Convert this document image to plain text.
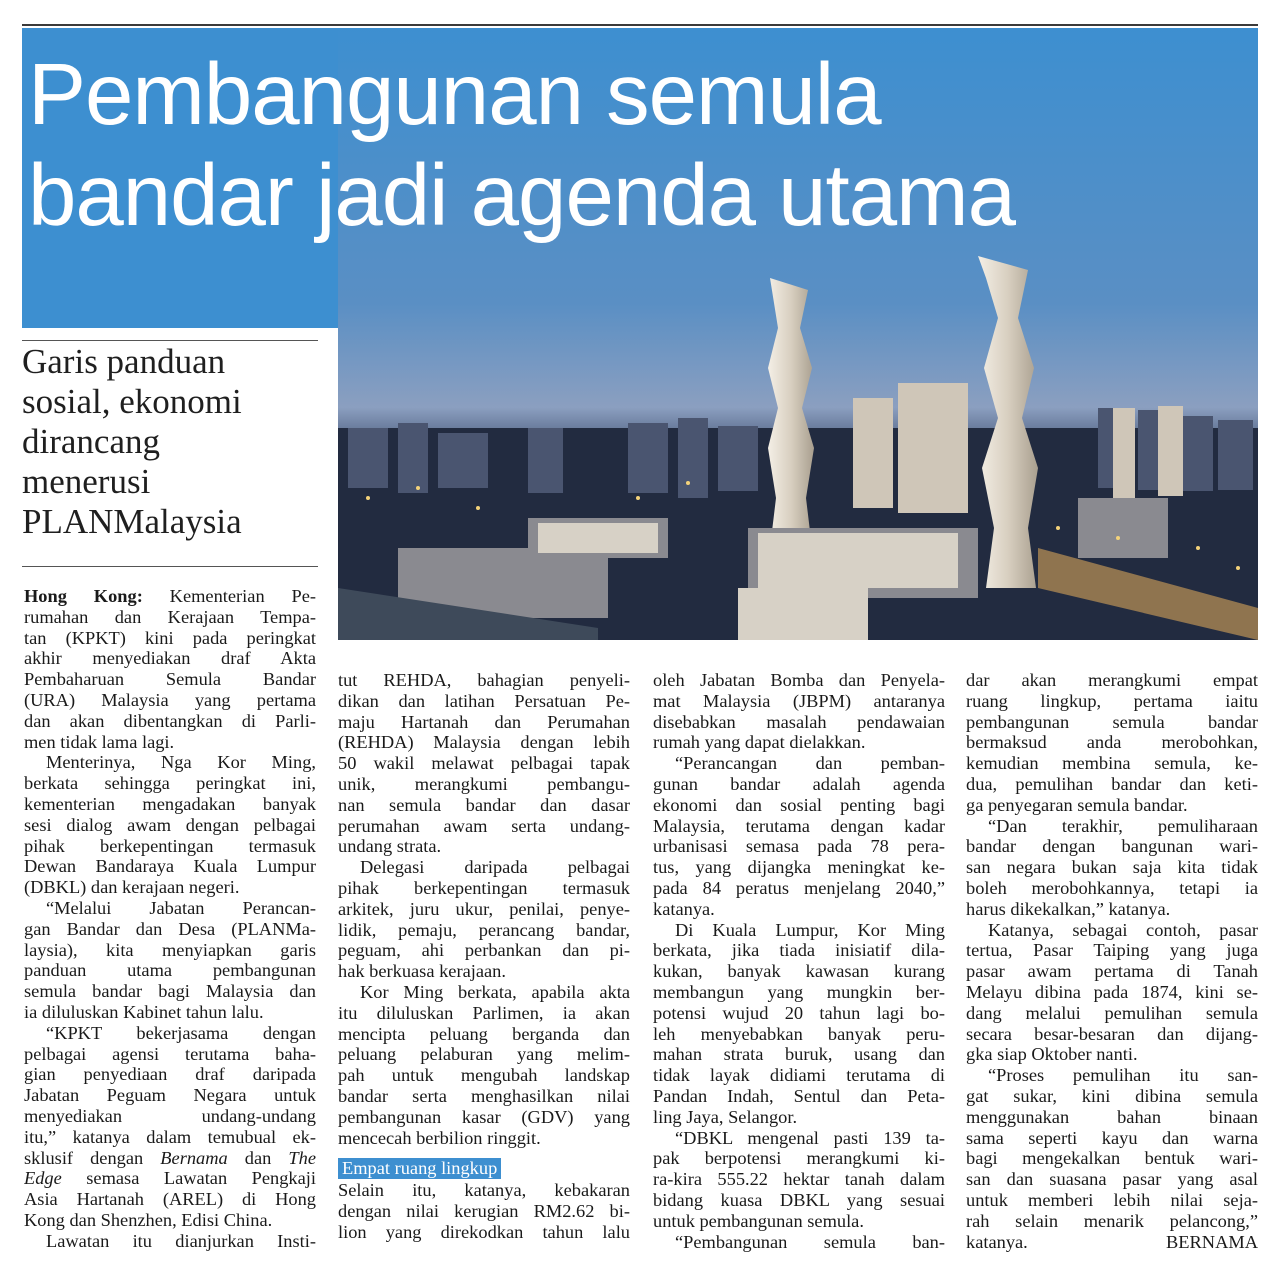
Pembangunan semula
bandar jadi agenda utama
Garis panduan
sosial, ekonomi
dirancang
menerusi
PLANMalaysia
Hong Kong: Kementerian Pe-
rumahan dan Kerajaan Tempa-
tan (KPKT) kini pada peringkat
akhir menyediakan draf Akta
Pembaharuan Semula Bandar
(URA) Malaysia yang pertama
dan akan dibentangkan di Parli-
men tidak lama lagi.
Menterinya, Nga Kor Ming,
berkata sehingga peringkat ini,
kementerian mengadakan banyak
sesi dialog awam dengan pelbagai
pihak berkepentingan termasuk
Dewan Bandaraya Kuala Lumpur
(DBKL) dan kerajaan negeri.
“Melalui Jabatan Perancan-
gan Bandar dan Desa (PLANMa-
laysia), kita menyiapkan garis
panduan utama pembangunan
semula bandar bagi Malaysia dan
ia diluluskan Kabinet tahun lalu.
“KPKT bekerjasama dengan
pelbagai agensi terutama baha-
gian penyediaan draf daripada
Jabatan Peguam Negara untuk
menyediakan undang-undang
itu,” katanya dalam temubual ek-
sklusif dengan Bernama dan The
Edge semasa Lawatan Pengkaji
Asia Hartanah (AREL) di Hong
Kong dan Shenzhen, Edisi China.
Lawatan itu dianjurkan Insti-
tut REHDA, bahagian penyeli-
dikan dan latihan Persatuan Pe-
maju Hartanah dan Perumahan
(REHDA) Malaysia dengan lebih
50 wakil melawat pelbagai tapak
unik, merangkumi pembangu-
nan semula bandar dan dasar
perumahan awam serta undang-
undang strata.
Delegasi daripada pelbagai
pihak berkepentingan termasuk
arkitek, juru ukur, penilai, penye-
lidik, pemaju, perancang bandar,
peguam, ahi perbankan dan pi-
hak berkuasa kerajaan.
Kor Ming berkata, apabila akta
itu diluluskan Parlimen, ia akan
mencipta peluang berganda dan
peluang pelaburan yang melim-
pah untuk mengubah landskap
bandar serta menghasilkan nilai
pembangunan kasar (GDV) yang
mencecah berbilion ringgit.
Empat ruang lingkup
Selain itu, katanya, kebakaran
dengan nilai kerugian RM2.62 bi-
lion yang direkodkan tahun lalu
oleh Jabatan Bomba dan Penyela-
mat Malaysia (JBPM) antaranya
disebabkan masalah pendawaian
rumah yang dapat dielakkan.
“Perancangan dan pemban-
gunan bandar adalah agenda
ekonomi dan sosial penting bagi
Malaysia, terutama dengan kadar
urbanisasi semasa pada 78 pera-
tus, yang dijangka meningkat ke-
pada 84 peratus menjelang 2040,”
katanya.
Di Kuala Lumpur, Kor Ming
berkata, jika tiada inisiatif dila-
kukan, banyak kawasan kurang
membangun yang mungkin ber-
potensi wujud 20 tahun lagi bo-
leh menyebabkan banyak peru-
mahan strata buruk, usang dan
tidak layak didiami terutama di
Pandan Indah, Sentul dan Peta-
ling Jaya, Selangor.
“DBKL mengenal pasti 139 ta-
pak berpotensi merangkumi ki-
ra-kira 555.22 hektar tanah dalam
bidang kuasa DBKL yang sesuai
untuk pembangunan semula.
“Pembangunan semula ban-
dar akan merangkumi empat
ruang lingkup, pertama iaitu
pembangunan semula bandar
bermaksud anda merobohkan,
kemudian membina semula, ke-
dua, pemulihan bandar dan keti-
ga penyegaran semula bandar.
“Dan terakhir, pemuliharaan
bandar dengan bangunan wari-
san negara bukan saja kita tidak
boleh merobohkannya, tetapi ia
harus dikekalkan,” katanya.
Katanya, sebagai contoh, pasar
tertua, Pasar Taiping yang juga
pasar awam pertama di Tanah
Melayu dibina pada 1874, kini se-
dang melalui pemulihan semula
secara besar-besaran dan dijang-
gka siap Oktober nanti.
“Proses pemulihan itu san-
gat sukar, kini dibina semula
menggunakan bahan binaan
sama seperti kayu dan warna
bagi mengekalkan bentuk wari-
san dan suasana pasar yang asal
untuk memberi lebih nilai seja-
rah selain menarik pelancong,”
katanya.	BERNAMA
